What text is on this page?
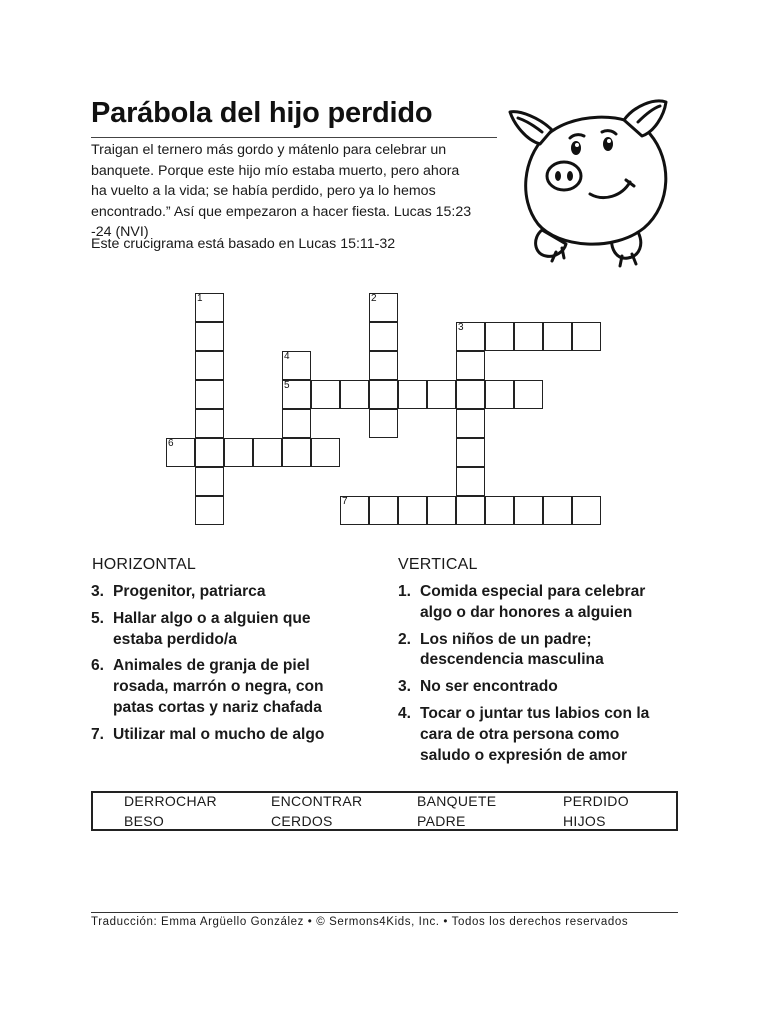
Parábola del hijo perdido
Traigan el ternero más gordo y mátenlo para celebrar un
banquete. Porque este hijo mío estaba muerto, pero ahora
ha vuelto a la vida; se había perdido, pero ya lo hemos
encontrado.” Así que empezaron a hacer fiesta. Lucas 15:23
-24 (NVI)
Este crucigrama está basado en Lucas 15:11-32
1	2
3
4
5
6
7
HORIZONTAL	VERTICAL
3. Progenitor, patriarca
5. Hallar algo o a alguien que
estaba perdido/a
6. Animales de granja de piel
rosada, marrón o negra, con
patas cortas y nariz chafada
7. Utilizar mal o mucho de algo
1. Comida especial para celebrar
algo o dar honores a alguien
2. Los niños de un padre;
descendencia masculina
3. No ser encontrado
4. Tocar o juntar tus labios con la
cara de otra persona como
saludo o expresión de amor
DERROCHAR	ENCONTRAR	BANQUETE	PERDIDO
BESO	CERDOS	PADRE	HIJOS
Traducción: Emma Argüello González • © Sermons4Kids, Inc. • Todos los derechos reservados
